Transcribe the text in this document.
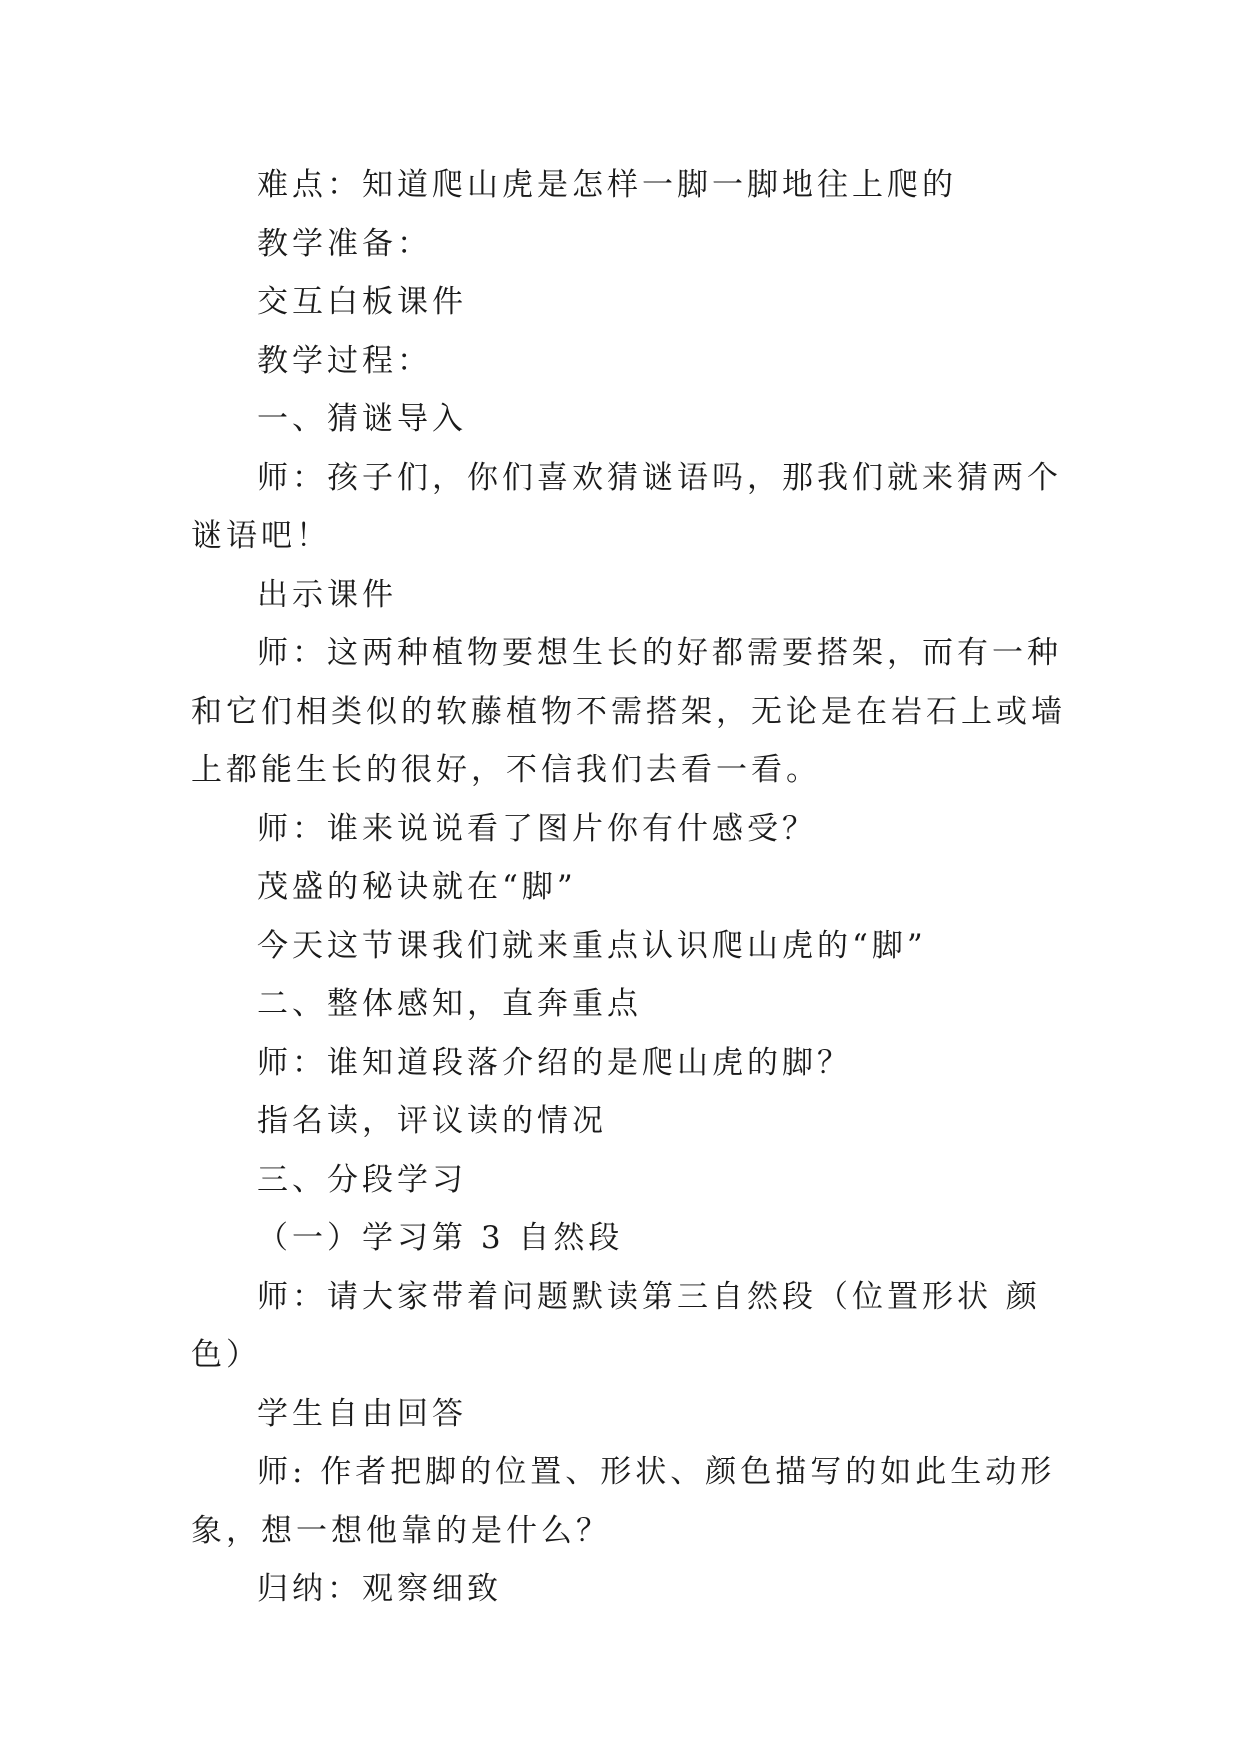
难点：知道爬山虎是怎样一脚一脚地往上爬的

教学准备：

交互白板课件

教学过程：

一、猜谜导入

师：孩子们，你们喜欢猜谜语吗，那我们就来猜两个谜语吧！

出示课件

师：这两种植物要想生长的好都需要搭架，而有一种和它们相类似的软藤植物不需搭架，无论是在岩石上或墙上都能生长的很好，不信我们去看一看。

师：谁来说说看了图片你有什感受？

茂盛的秘诀就在“脚”

今天这节课我们就来重点认识爬山虎的“脚”

二、整体感知，直奔重点

师：谁知道段落介绍的是爬山虎的脚？

指名读，评议读的情况

三、分段学习

（一）学习第 3 自然段

师：请大家带着问题默读第三自然段（位置形状 颜色）

学生自由回答

师: 作者把脚的位置、形状、颜色描写的如此生动形象，想一想他靠的是什么？

归纳：观察细致
